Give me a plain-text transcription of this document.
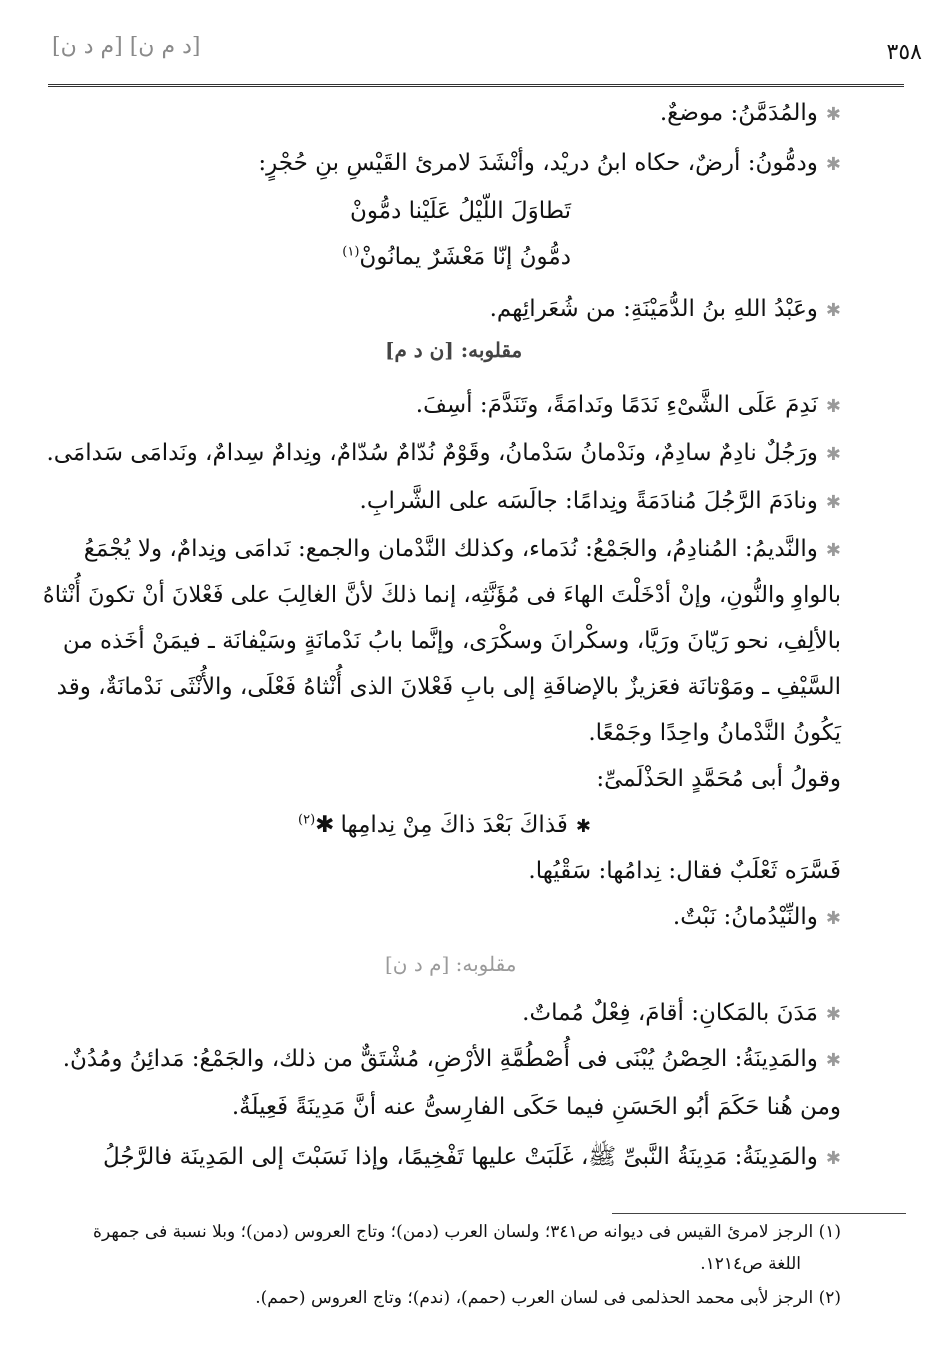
٣٥٨
[د م ن] [م د ن]
✱والمُدَمَّنُ: موضعٌ.
✱ودمُّونُ: أرضٌ، حكاه ابنُ دريْد، وأنْشَدَ لامرئ القَيْسِ بنِ حُجْرٍ:
تَطاوَلَ اللّيْلُ عَلَيْنا دمُّونْ
دمُّونُ إنّا مَعْشَرٌ يمانُونْ$^{(١)}$
✱وعَبْدُ اللهِ بنُ الدُّمَيْنَةِ: من شُعَرائِهم.
مقلوبه: [ن د م]
✱نَدِمَ عَلَى الشَّىْءِ نَدَمًا ونَدامَةً، وتَنَدَّمَ: أسِفَ.
✱ورَجُلٌ نادِمٌ سادِمٌ، ونَدْمانُ سَدْمانُ، وقَوْمٌ نُدّامٌ سُدّامٌ، ونِدامٌ سِدامٌ، ونَدامَى سَدامَى.
✱ونادَمَ الرَّجُلَ مُنادَمَةً ونِدامًا: جالَسَه على الشَّرابِ.
✱والنَّديمُ: المُنادِمُ، والجَمْعُ: نُدَماء، وكذلك النَّدْمان والجمع: نَدامَى ونِدامٌ، ولا يُجْمَعُ
بالواوِ والنُّونِ، وإنْ أدْخَلْتَ الهاءَ فى مُؤَنَّثِه، إنما ذلكَ لأنَّ الغالِبَ على فَعْلانَ أنْ تكونَ أُنْثاهُ
بالألِفِ، نحو رَيّانَ ورَيَّا، وسكْرانَ وسكْرَى، وإنَّما بابُ نَدْمانَةٍ وسَيْفانَة ـ فيمَنْ أخَذه من
السَّيْفِ ـ ومَوْتانَة فعَزيزٌ بالإضافَةِ إلى بابِ فَعْلانَ الذى أُنْثاهُ فَعْلَى، والأُنْثَى نَدْمانَةٌ، وقد
يَكُونُ النَّدْمانُ واحِدًا وجَمْعًا.
وقولُ أبى مُحَمَّدٍ الحَذْلَمىِّ:
✱فَذاكَ بَعْدَ ذاكَ مِنْ نِدامِها✱$^{(٢)}$
فَسَّرَه ثَعْلَبٌ فقال: نِدامُها: سَقْيُها.
✱والنِّيْدُمانُ: نَبْتٌ.
مقلوبه: [م د ن]
✱مَدَنَ بالمَكانِ: أقامَ، فِعْلٌ مُماتٌ.
✱والمَدِينَةُ: الحِصْنُ يُبْنَى فى أُصْطُمَّةِ الأرْضِ، مُشْتَقٌّ من ذلك، والجَمْعُ: مَدائِنُ ومُدُنٌ.
ومن هُنا حَكَمَ أبُو الحَسَنِ فيما حَكَى الفارِسىُّ عنه أنَّ مَدِينَةً فَعِيلَةٌ.
✱والمَدِينَةُ: مَدِينَةُ النَّبىِّ ﷺ، غَلَبَتْ عليها تَفْخِيمًا، وإذا نَسَبْتَ إلى المَدِينَة فالرَّجُلُ
(١) الرجز لامرئ القيس فى ديوانه ص٣٤١؛ ولسان العرب (دمن)؛ وتاج العروس (دمن)؛ وبلا نسبة فى جمهرة
اللغة ص١٢١٤.
(٢) الرجز لأبى محمد الحذلمى فى لسان العرب (حمم)، (ندم)؛ وتاج العروس (حمم).
